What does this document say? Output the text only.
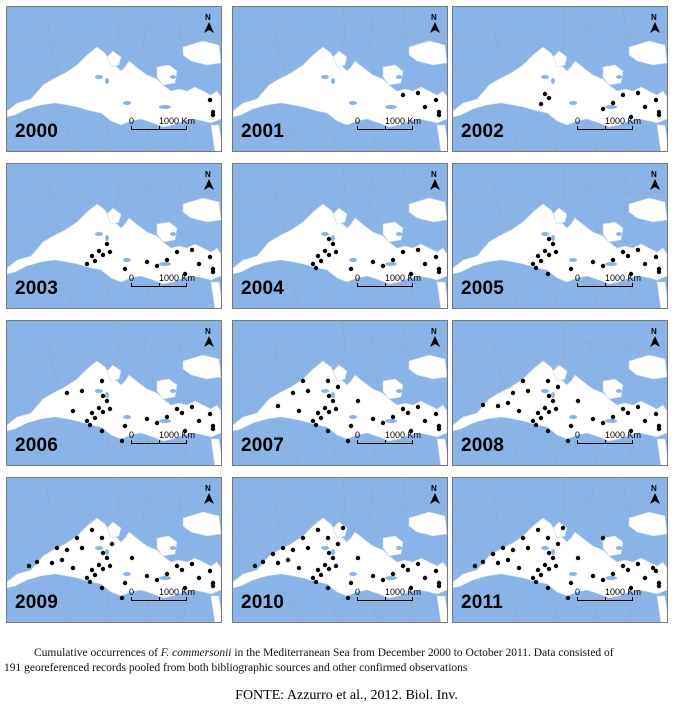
2000	0	1000 Km
N
2001	0	1000 Km
N
2002	0	1000 Km
N
2003	0	1000 Km
N
2004	0	1000 Km
N
2005	0	1000 Km
N
2006	0	1000 Km
N
2007	0	1000 Km
N
2008	0	1000 Km
N
2009	0	1000 Km
N
2010	0	1000 Km
N
2011	0	1000 Km
N
Cumulative occurrences of F. commersonii in the Mediterranean Sea from December 2000 to October 2011. Data consisted of
191 georeferenced records pooled from both bibliographic sources and other confirmed observations
FONTE: Azzurro et al., 2012. Biol. Inv.
